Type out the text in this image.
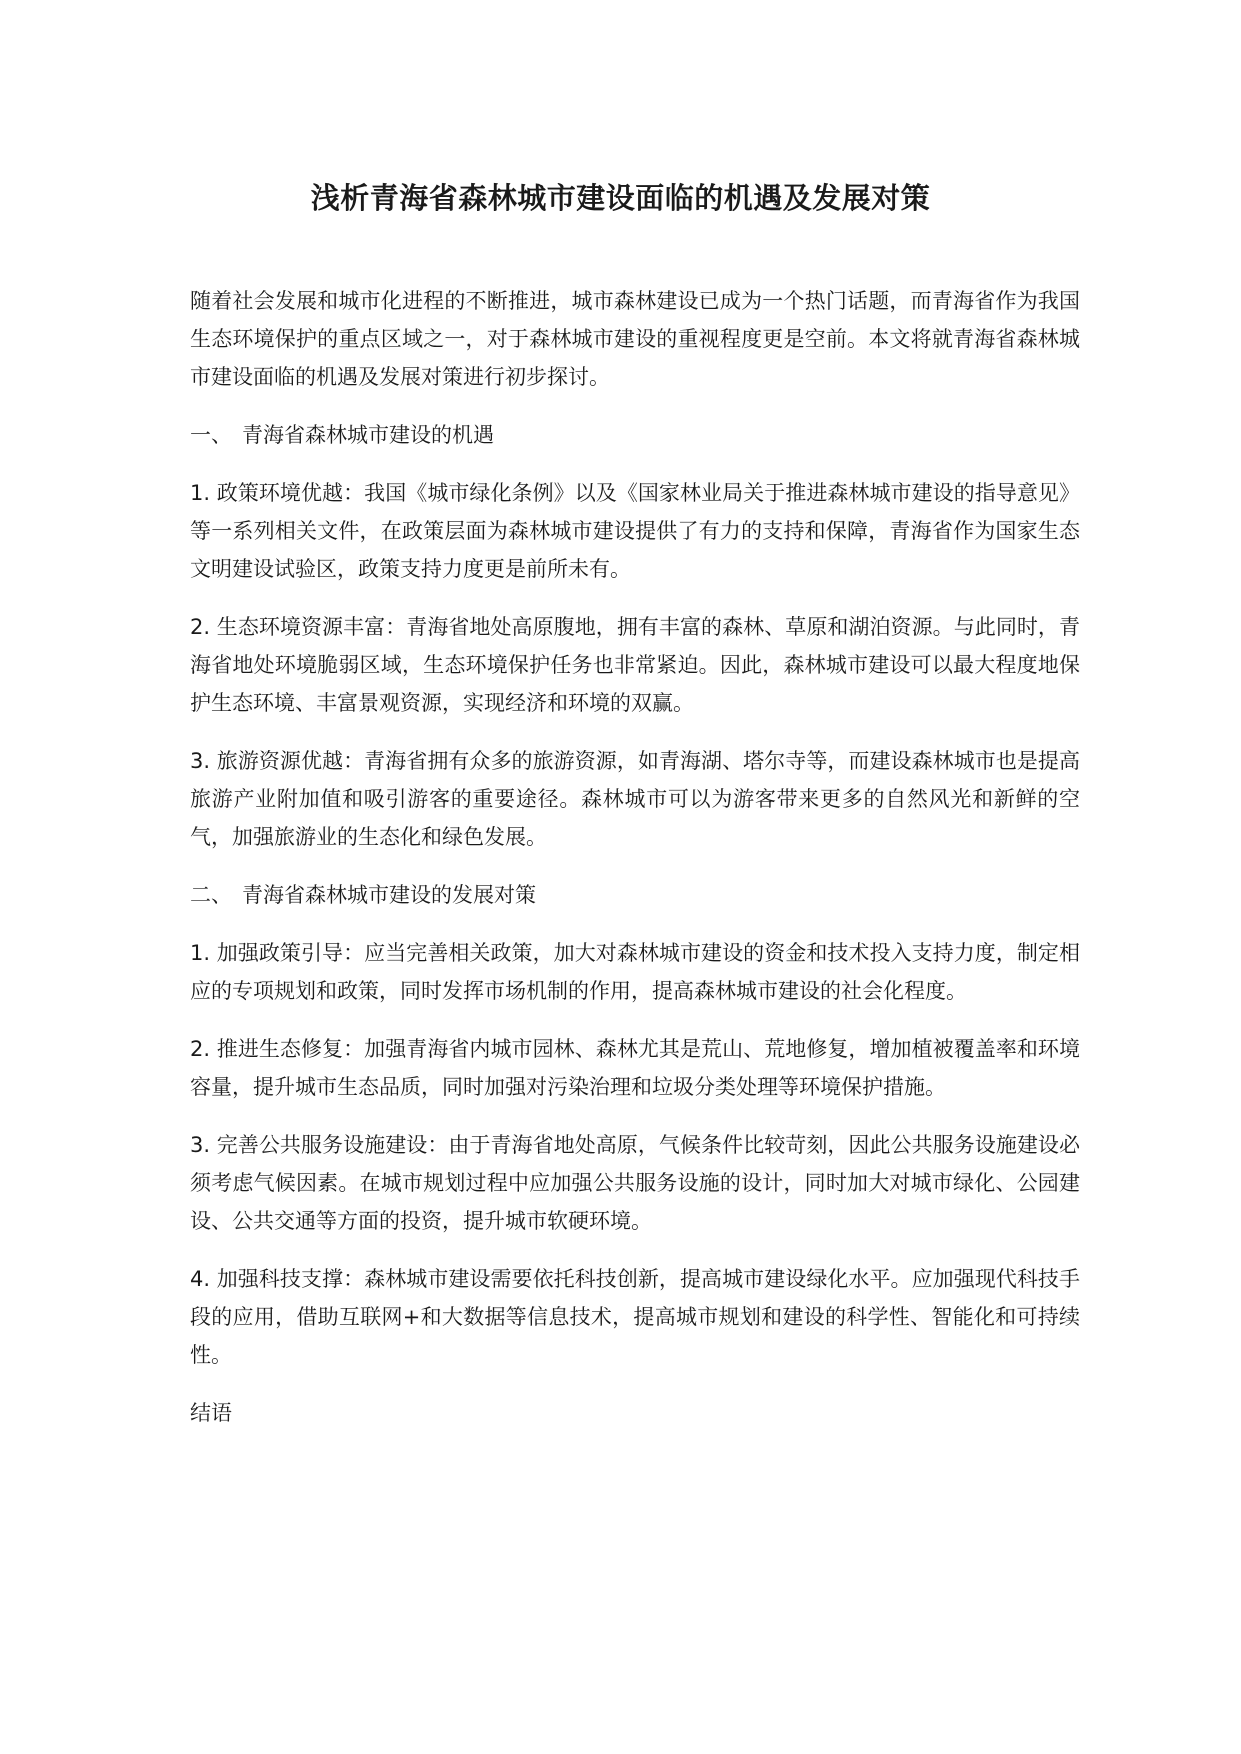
浅析青海省森林城市建设面临的机遇及发展对策

随着社会发展和城市化进程的不断推进，城市森林建设已成为一个热门话题，而青海省作为我国生态环境保护的重点区域之一，对于森林城市建设的重视程度更是空前。本文将就青海省森林城市建设面临的机遇及发展对策进行初步探讨。

一、 青海省森林城市建设的机遇

1. 政策环境优越：我国《城市绿化条例》以及《国家林业局关于推进森林城市建设的指导意见》等一系列相关文件，在政策层面为森林城市建设提供了有力的支持和保障，青海省作为国家生态文明建设试验区，政策支持力度更是前所未有。

2. 生态环境资源丰富：青海省地处高原腹地，拥有丰富的森林、草原和湖泊资源。与此同时，青海省地处环境脆弱区域，生态环境保护任务也非常紧迫。因此，森林城市建设可以最大程度地保护生态环境、丰富景观资源，实现经济和环境的双赢。

3. 旅游资源优越：青海省拥有众多的旅游资源，如青海湖、塔尔寺等，而建设森林城市也是提高旅游产业附加值和吸引游客的重要途径。森林城市可以为游客带来更多的自然风光和新鲜的空气，加强旅游业的生态化和绿色发展。

二、 青海省森林城市建设的发展对策

1. 加强政策引导：应当完善相关政策，加大对森林城市建设的资金和技术投入支持力度，制定相应的专项规划和政策，同时发挥市场机制的作用，提高森林城市建设的社会化程度。

2. 推进生态修复：加强青海省内城市园林、森林尤其是荒山、荒地修复，增加植被覆盖率和环境容量，提升城市生态品质，同时加强对污染治理和垃圾分类处理等环境保护措施。

3. 完善公共服务设施建设：由于青海省地处高原，气候条件比较苛刻，因此公共服务设施建设必须考虑气候因素。在城市规划过程中应加强公共服务设施的设计，同时加大对城市绿化、公园建设、公共交通等方面的投资，提升城市软硬环境。

4. 加强科技支撑：森林城市建设需要依托科技创新，提高城市建设绿化水平。应加强现代科技手段的应用，借助互联网+和大数据等信息技术，提高城市规划和建设的科学性、智能化和可持续性。

结语
